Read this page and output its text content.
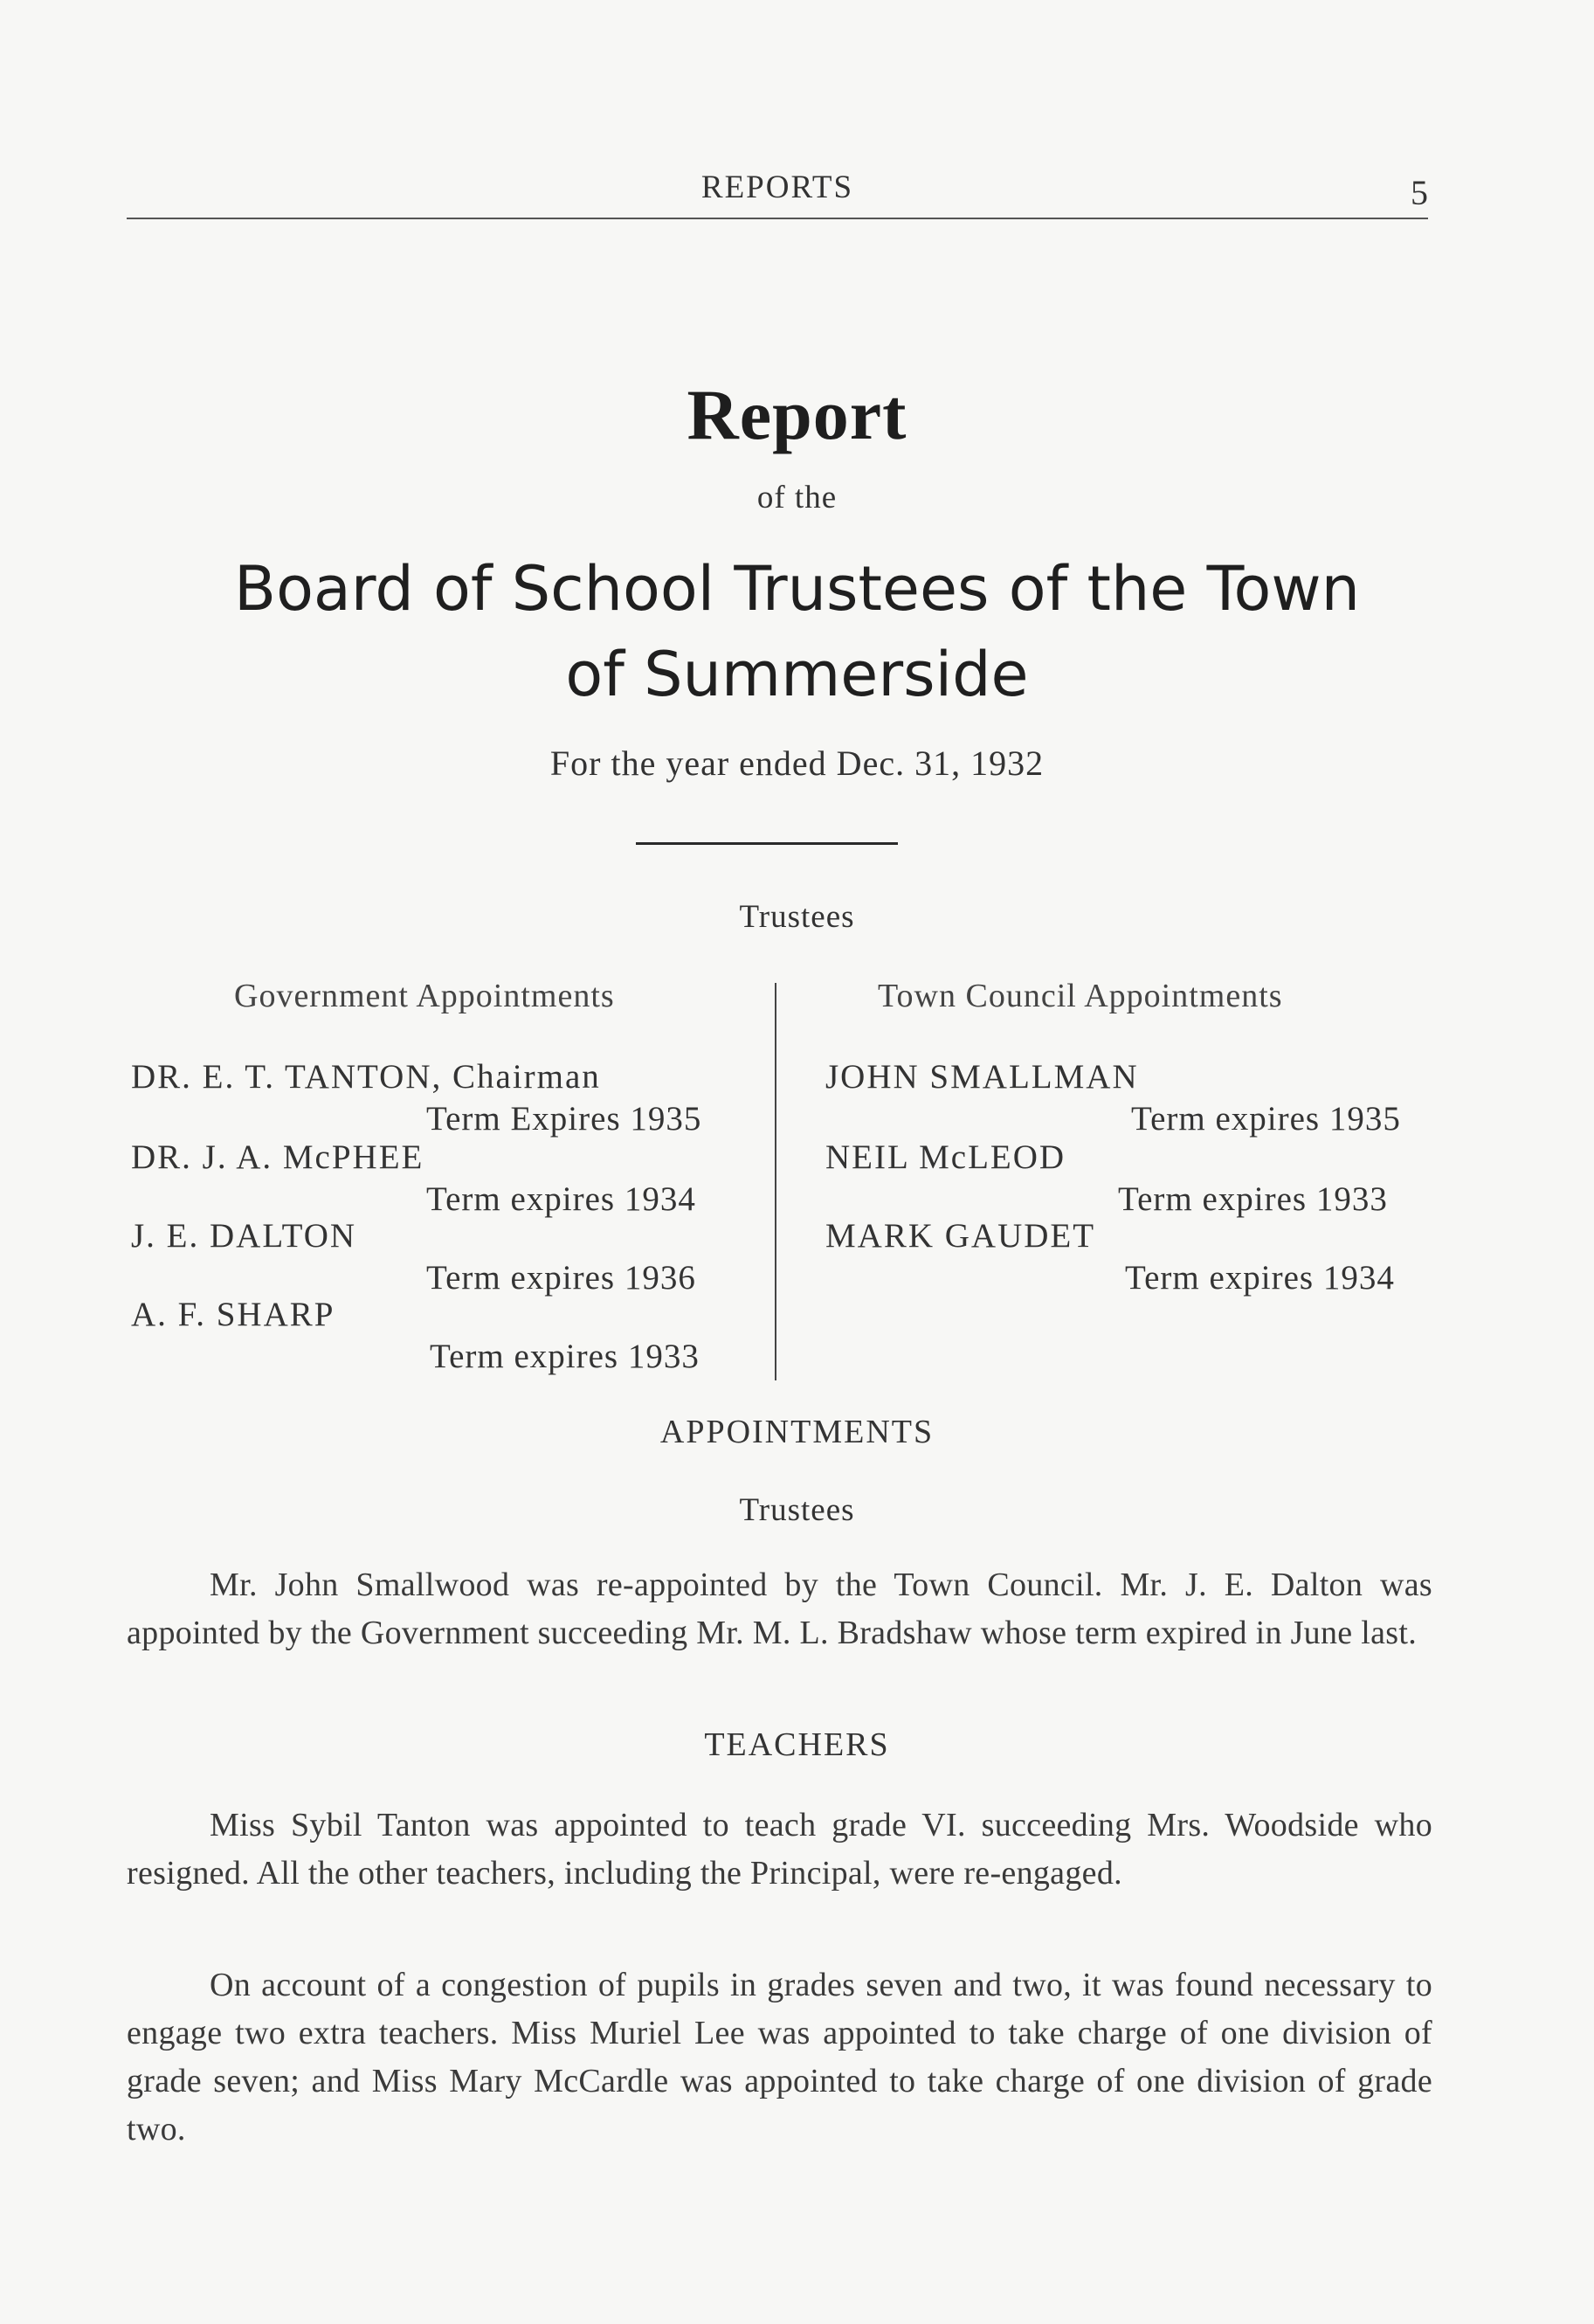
REPORTS	5
Report
of the
Board of School Trustees of the Town
of Summerside
For the year ended Dec. 31, 1932
Trustees
Government Appointments	Town Council Appointments
DR. E. T. TANTON, Chairman
Term Expires 1935
DR. J. A. McPHEE
Term expires 1934
J. E. DALTON
Term expires 1936
A. F. SHARP
Term expires 1933
JOHN SMALLMAN
Term expires 1935
NEIL McLEOD
Term expires 1933
MARK GAUDET
Term expires 1934
APPOINTMENTS
Trustees
Mr. John Smallwood was re-appointed by the Town Council. Mr. J. E. Dalton was appointed by the Government succeeding Mr. M. L. Bradshaw whose term expired in June last.
TEACHERS
Miss Sybil Tanton was appointed to teach grade VI. succeeding Mrs. Woodside who resigned. All the other teachers, including the Principal, were re-engaged.
On account of a congestion of pupils in grades seven and two, it was found necessary to engage two extra teachers. Miss Muriel Lee was appointed to take charge of one division of grade seven; and Miss Mary McCardle was appointed to take charge of one division of grade two.
